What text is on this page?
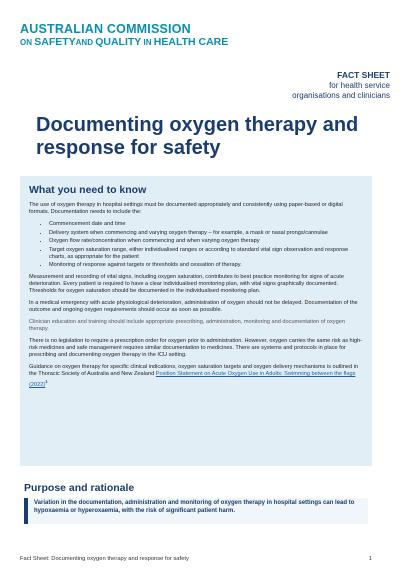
AUSTRALIAN COMMISSION
ON SAFETYAND QUALITY IN HEALTH CARE
FACT SHEET
for health service
organisations and clinicians
Documenting oxygen therapy and response for safety
What you need to know

The use of oxygen therapy in hospital settings must be documented appropriately and consistently using paper-based or digital formats. Documentation needs to include the:

• Commencement date and time
• Delivery system when commencing and varying oxygen therapy – for example, a mask or nasal prongs/cannulae
• Oxygen flow rate/concentration when commencing and when varying oxygen therapy
• Target oxygen saturation range, either individualised ranges or according to standard vital sign observation and response charts, as appropriate for the patient
• Monitoring of response against targets or thresholds and cessation of therapy.

Measurement and recording of vital signs, including oxygen saturation, contributes to best practice monitoring for signs of acute deterioration. Every patient is required to have a clear individualised monitoring plan, with vital signs graphically documented. Thresholds for oxygen saturation should be documented in the individualised monitoring plan.

In a medical emergency with acute physiological deterioration, administration of oxygen should not be delayed. Documentation of the outcome and ongoing oxygen requirements should occur as soon as possible.

Clinician education and training should include appropriate prescribing, administration, monitoring and documentation of oxygen therapy.

There is no legislation to require a prescription order for oxygen prior to administration. However, oxygen carries the same risk as high-risk medicines and safe management requires similar documentation to medicines. There are systems and protocols in place for prescribing and documenting oxygen therapy in the ICU setting.

Guidance on oxygen therapy for specific clinical indications, oxygen saturation targets and oxygen delivery mechanisms is outlined in the Thoracic Society of Australia and New Zealand Position Statement on Acute Oxygen Use in Adults: Swimming between the flags $(2022)^1$

Purpose and rationale

Variation in the documentation, administration and monitoring of oxygen therapy in hospital settings can lead to hypoxaemia or hyperoxaemia, with the risk of significant patient harm.

Fact Sheet: Documenting oxygen therapy and response for safety	1
